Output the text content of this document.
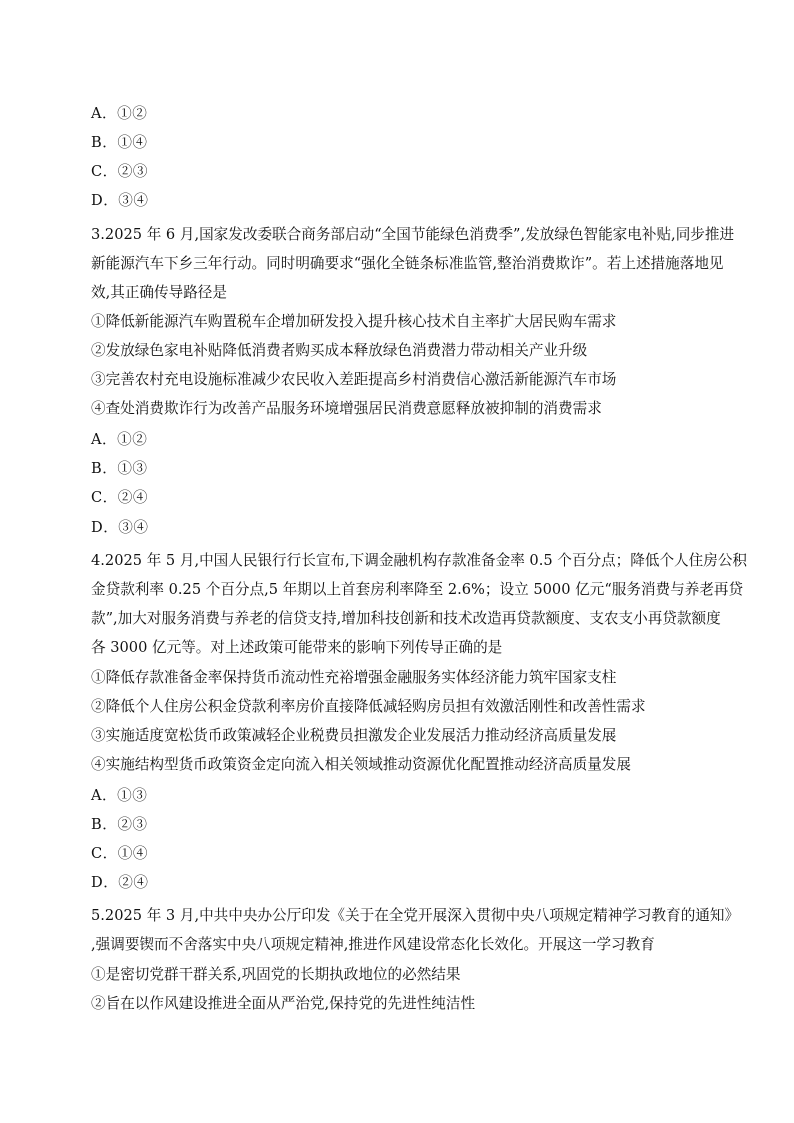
A．①②
B．①④
C．②③
D．③④
3.2025 年 6 月,国家发改委联合商务部启动“全国节能绿色消费季”,发放绿色智能家电补贴,同步推进
新能源汽车下乡三年行动。同时明确要求“强化全链条标准监管,整治消费欺诈”。若上述措施落地见
效,其正确传导路径是
①降低新能源汽车购置税车企增加研发投入提升核心技术自主率扩大居民购车需求
②发放绿色家电补贴降低消费者购买成本释放绿色消费潜力带动相关产业升级
③完善农村充电设施标准减少农民收入差距提高乡村消费信心激活新能源汽车市场
④查处消费欺诈行为改善产品服务环境增强居民消费意愿释放被抑制的消费需求
A．①②
B．①③
C．②④
D．③④
4.2025 年 5 月,中国人民银行行长宣布,下调金融机构存款准备金率 0.5 个百分点；降低个人住房公积
金贷款利率 0.25 个百分点,5 年期以上首套房利率降至 2.6%；设立 5000 亿元“服务消费与养老再贷
款”,加大对服务消费与养老的信贷支持,增加科技创新和技术改造再贷款额度、支农支小再贷款额度
各 3000 亿元等。对上述政策可能带来的影响下列传导正确的是
①降低存款准备金率保持货币流动性充裕增强金融服务实体经济能力筑牢国家支柱
②降低个人住房公积金贷款利率房价直接降低减轻购房员担有效激活刚性和改善性需求
③实施适度宽松货币政策减轻企业税费员担激发企业发展活力推动经济高质量发展
④实施结构型货币政策资金定向流入相关领域推动资源优化配置推动经济高质量发展
A．①③
B．②③
C．①④
D．②④
5.2025 年 3 月,中共中央办公厅印发《关于在全党开展深入贯彻中央八项规定精神学习教育的通知》
,强调要锲而不舍落实中央八项规定精神,推进作风建设常态化长效化。开展这一学习教育
①是密切党群干群关系,巩固党的长期执政地位的必然结果
②旨在以作风建设推进全面从严治党,保持党的先进性纯洁性
